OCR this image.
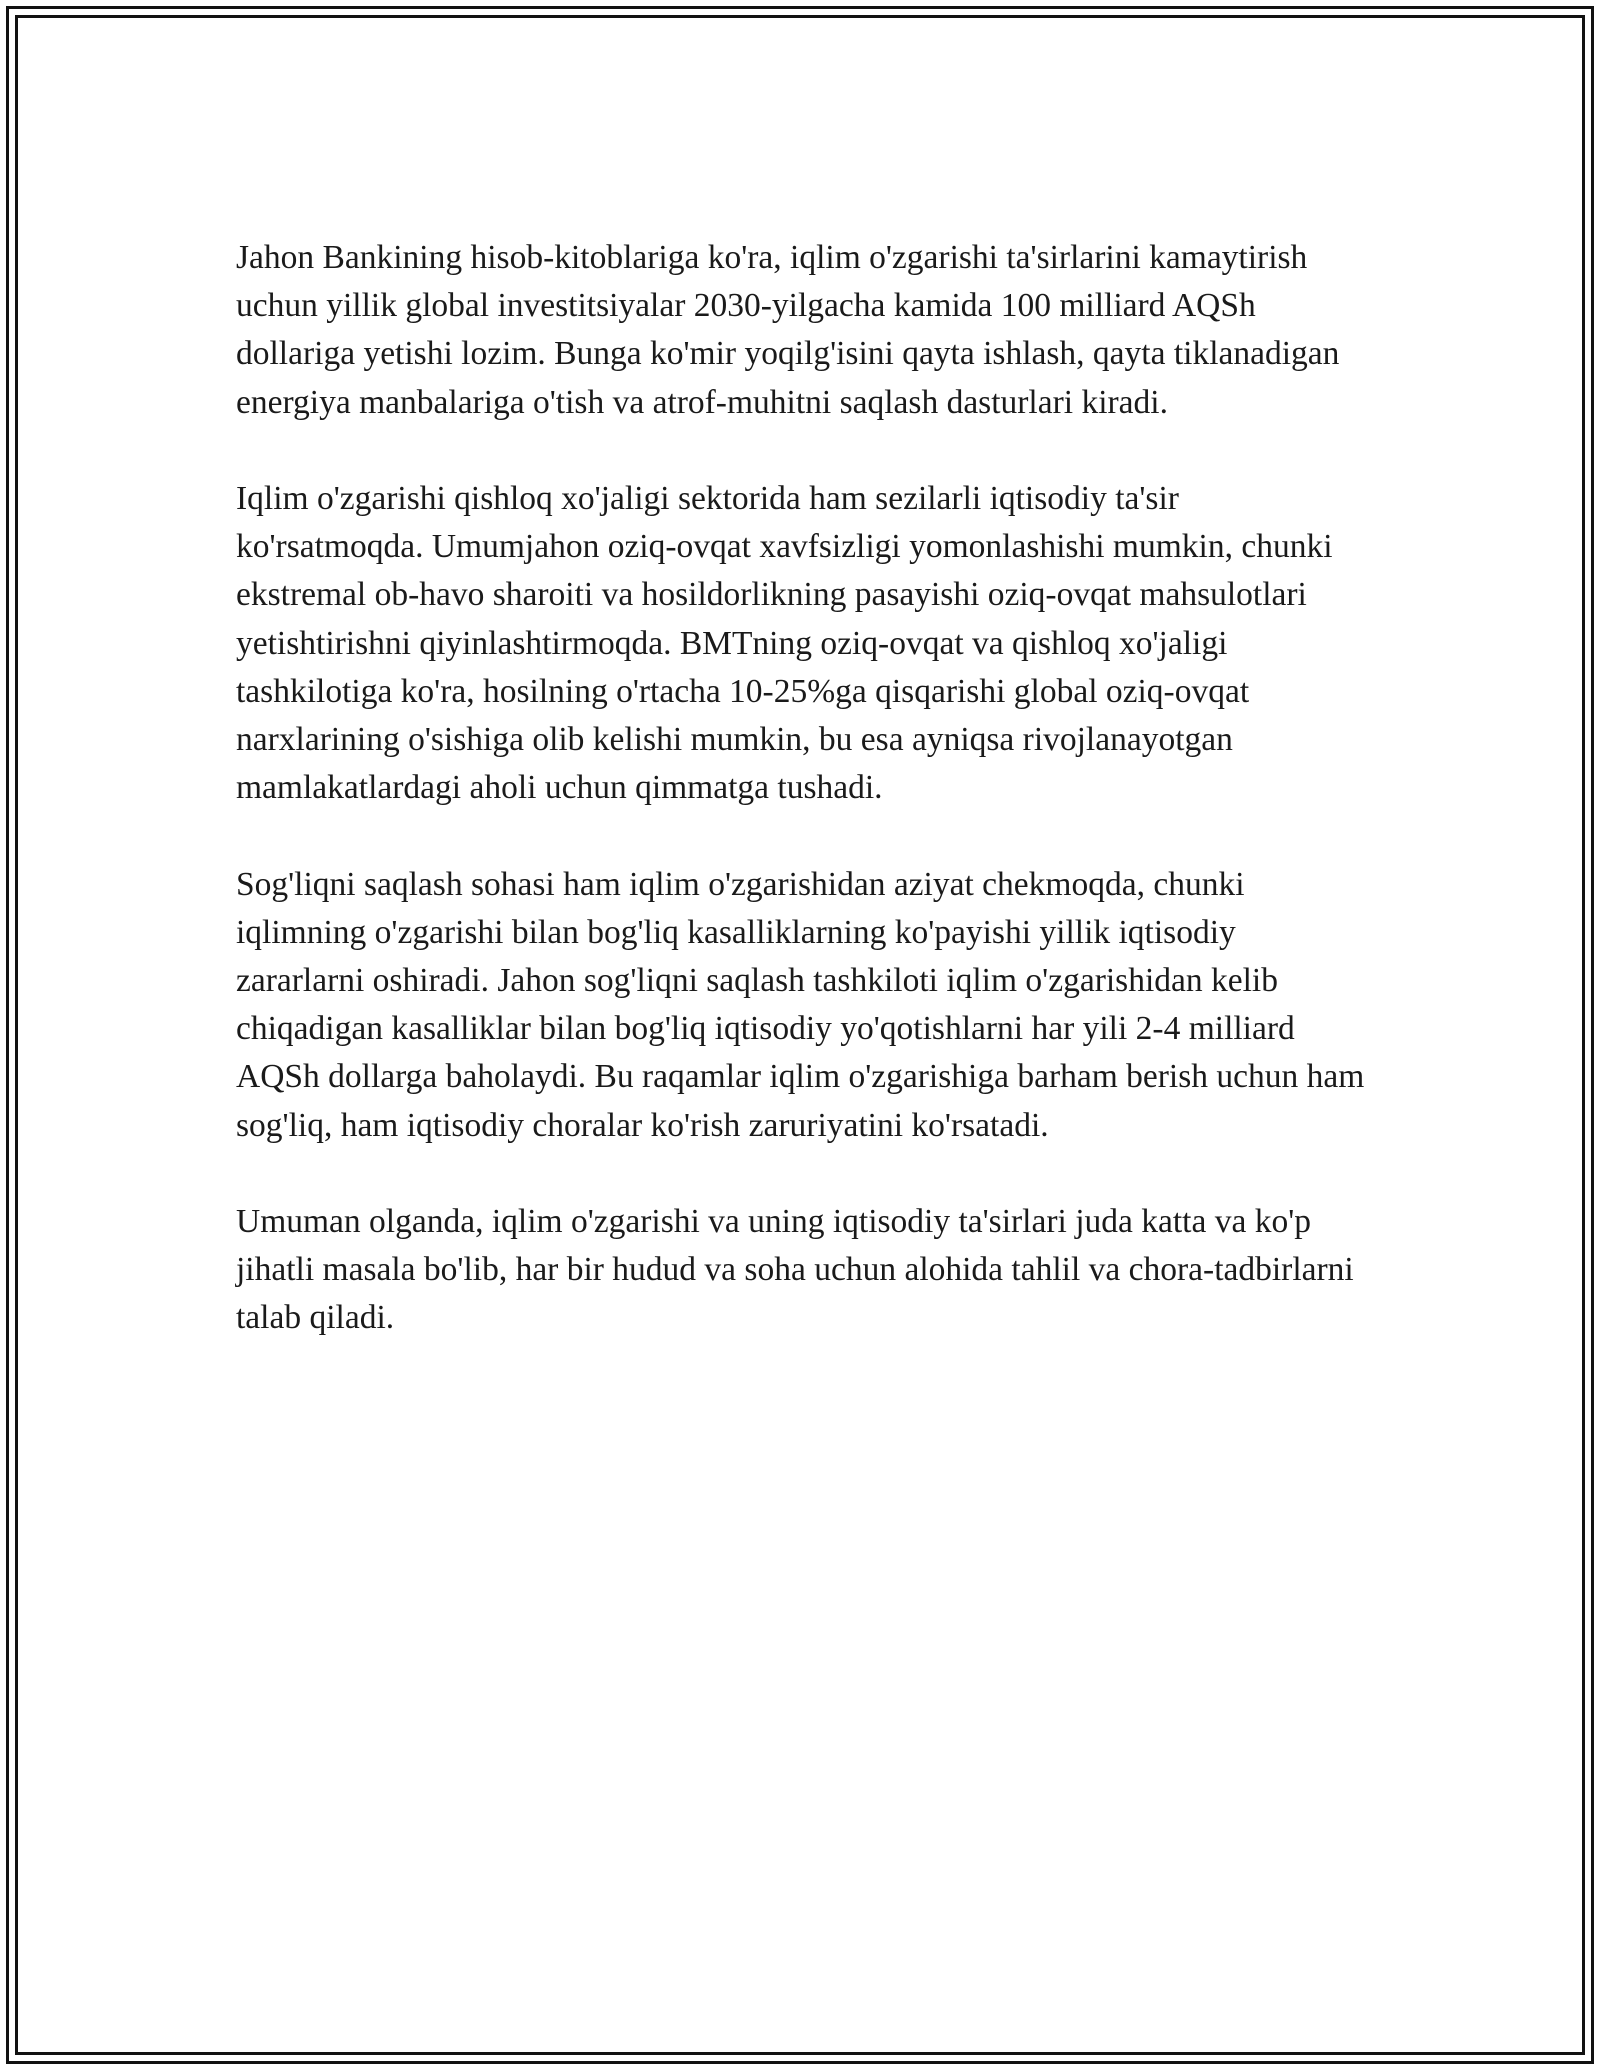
Jahon Bankining hisob-kitoblariga ko'ra, iqlim o'zgarishi ta'sirlarini kamaytirish uchun yillik global investitsiyalar 2030-yilgacha kamida 100 milliard AQSh dollariga yetishi lozim. Bunga ko'mir yoqilg'isini qayta ishlash, qayta tiklanadigan energiya manbalariga o'tish va atrof-muhitni saqlash dasturlari kiradi.

Iqlim o'zgarishi qishloq xo'jaligi sektorida ham sezilarli iqtisodiy ta'sir ko'rsatmoqda. Umumjahon oziq-ovqat xavfsizligi yomonlashishi mumkin, chunki ekstremal ob-havo sharoiti va hosildorlikning pasayishi oziq-ovqat mahsulotlari yetishtirishni qiyinlashtirmoqda. BMTning oziq-ovqat va qishloq xo'jaligi tashkilotiga ko'ra, hosilning o'rtacha 10-25%ga qisqarishi global oziq-ovqat narxlarining o'sishiga olib kelishi mumkin, bu esa ayniqsa rivojlanayotgan mamlakatlardagi aholi uchun qimmatga tushadi.

Sog'liqni saqlash sohasi ham iqlim o'zgarishidan aziyat chekmoqda, chunki iqlimning o'zgarishi bilan bog'liq kasalliklarning ko'payishi yillik iqtisodiy zararlarni oshiradi. Jahon sog'liqni saqlash tashkiloti iqlim o'zgarishidan kelib chiqadigan kasalliklar bilan bog'liq iqtisodiy yo'qotishlarni har yili 2-4 milliard AQSh dollarga baholaydi. Bu raqamlar iqlim o'zgarishiga barham berish uchun ham sog'liq, ham iqtisodiy choralar ko'rish zaruriyatini ko'rsatadi.

Umuman olganda, iqlim o'zgarishi va uning iqtisodiy ta'sirlari juda katta va ko'p jihatli masala bo'lib, har bir hudud va soha uchun alohida tahlil va chora-tadbirlarni talab qiladi.
